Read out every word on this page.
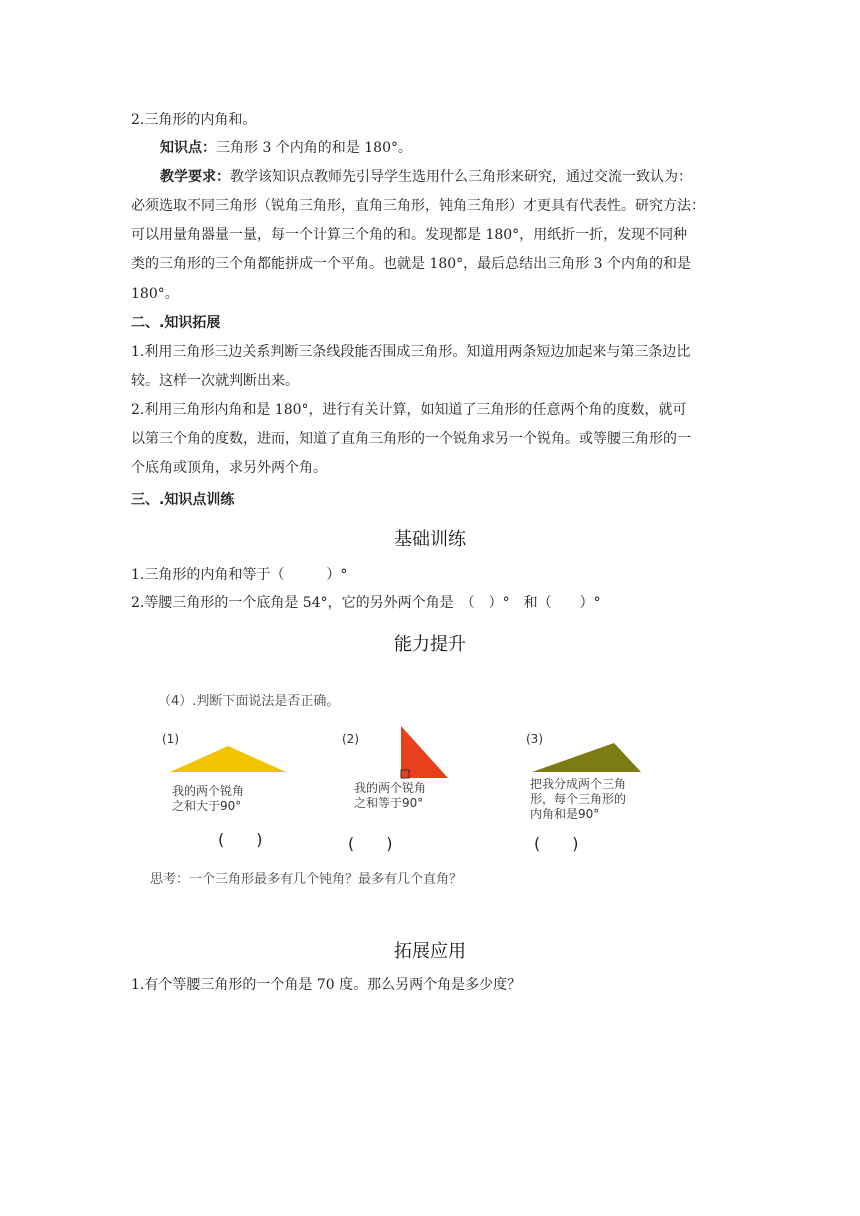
2.三角形的内角和。
知识点：三角形 3 个内角的和是 180°。
教学要求：教学该知识点教师先引导学生选用什么三角形来研究，通过交流一致认为：
必须选取不同三角形（锐角三角形，直角三角形，钝角三角形）才更具有代表性。研究方法：
可以用量角器量一量，每一个计算三个角的和。发现都是 180°，用纸折一折，发现不同种
类的三角形的三个角都能拼成一个平角。也就是 180°，最后总结出三角形 3 个内角的和是
180°。
二、.知识拓展
1.利用三角形三边关系判断三条线段能否围成三角形。知道用两条短边加起来与第三条边比
较。这样一次就判断出来。
2.利用三角形内角和是 180°，进行有关计算，如知道了三角形的任意两个角的度数，就可
以第三个角的度数，进而，知道了直角三角形的一个锐角求另一个锐角。或等腰三角形的一
个底角或顶角，求另外两个角。
三、.知识点训练
基础训练
1.三角形的内角和等于（　　　）°
2.等腰三角形的一个底角是 54°，它的另外两个角是　（　）°　和（　　）°
能力提升
（4）.判断下面说法是否正确。
(1)	(2)	(3)
我的两个锐角
之和大于90°
我的两个锐角
之和等于90°
把我分成两个三角
形，每个三角形的
内角和是90°
(　　)	(　　)	(　　)
思考：一个三角形最多有几个钝角？最多有几个直角？
拓展应用
1.有个等腰三角形的一个角是 70 度。那么另两个角是多少度？
